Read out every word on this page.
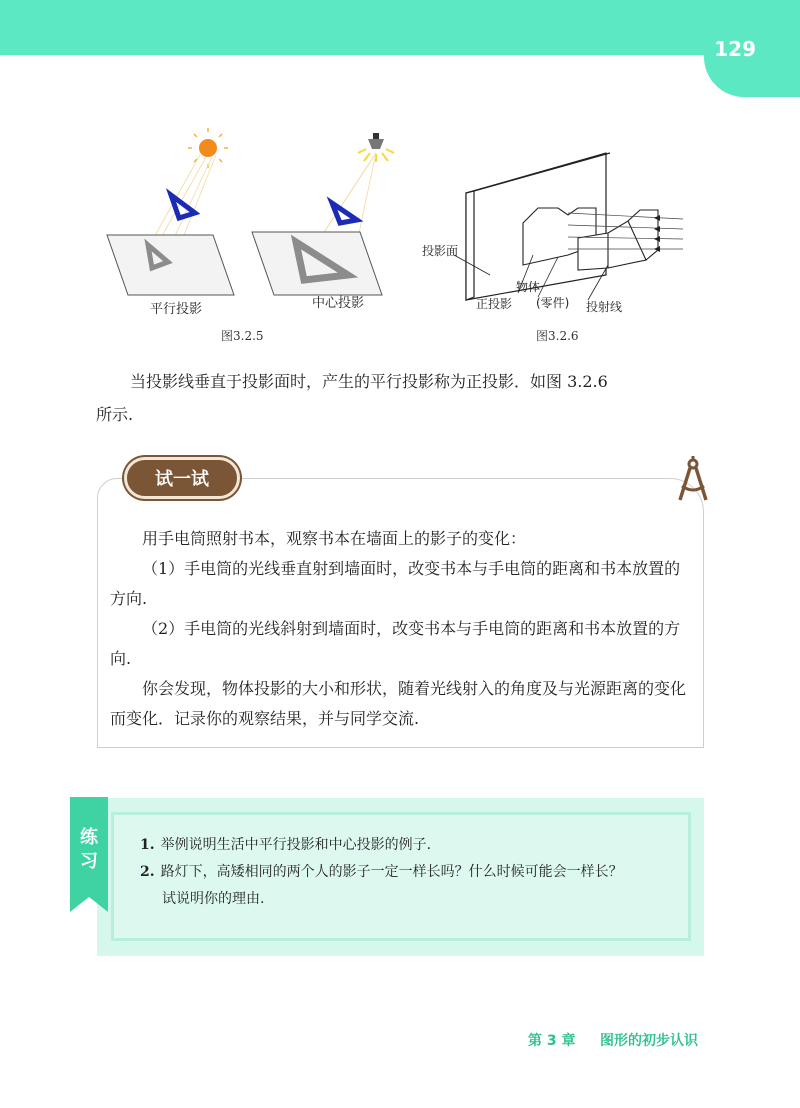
129
平行投影	中心投影
图3.2.5
投影面
物体
(零件)
正投影	投射线
图3.2.6
当投影线垂直于投影面时，产生的平行投影称为正投影．如图 3.2.6
所示.
试一试

用手电筒照射书本，观察书本在墙面上的影子的变化：

（1）手电筒的光线垂直射到墙面时，改变书本与手电筒的距离和书本放置的方向.

（2）手电筒的光线斜射到墙面时，改变书本与手电筒的距离和书本放置的方向.

你会发现，物体投影的大小和形状，随着光线射入的角度及与光源距离的变化而变化．记录你的观察结果，并与同学交流.

练
习
1. 举例说明生活中平行投影和中心投影的例子.
2. 路灯下，高矮相同的两个人的影子一定一样长吗？什么时候可能会一样长？
试说明你的理由.
第 3 章 图形的初步认识
